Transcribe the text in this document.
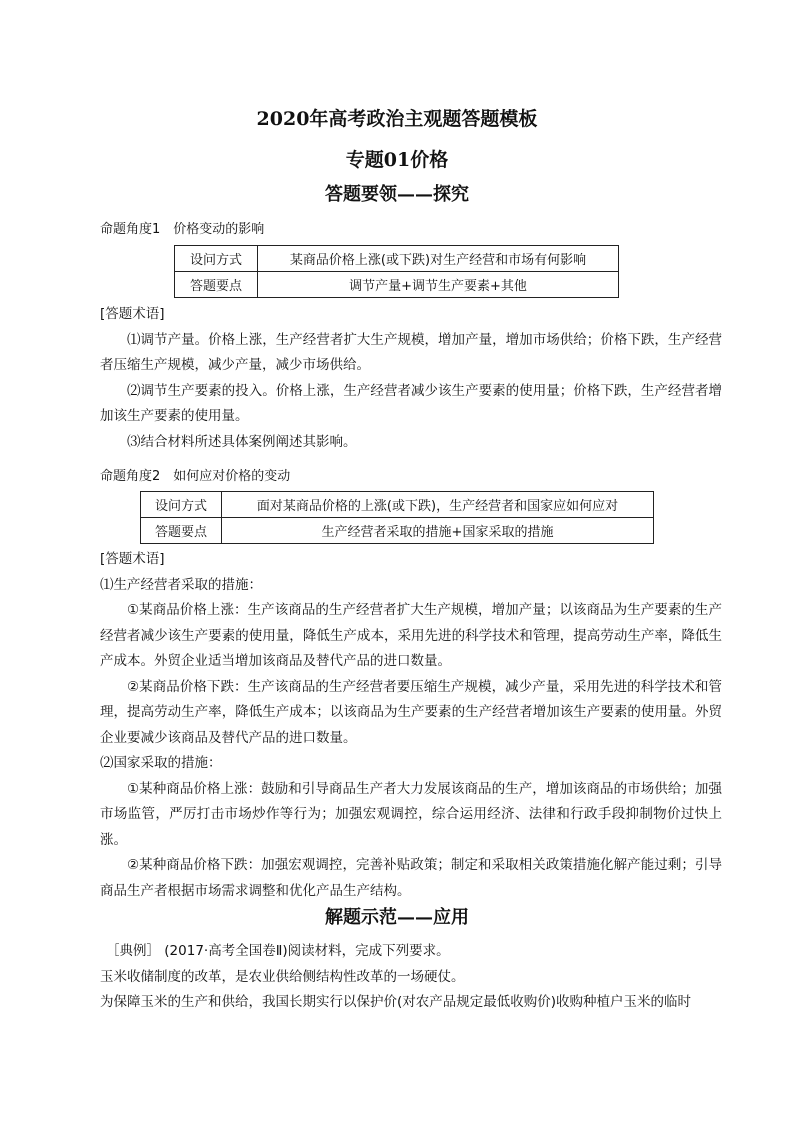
2020年高考政治主观题答题模板
专题01价格
答题要领——探究
命题角度1　价格变动的影响
设问方式	某商品价格上涨(或下跌)对生产经营和市场有何影响
答题要点	调节产量+调节生产要素+其他

[答题术语]

⑴调节产量。价格上涨，生产经营者扩大生产规模，增加产量，增加市场供给；价格下跌，生产经营者压缩生产规模，减少产量，减少市场供给。

⑵调节生产要素的投入。价格上涨，生产经营者减少该生产要素的使用量；价格下跌，生产经营者增加该生产要素的使用量。

⑶结合材料所述具体案例阐述其影响。

命题角度2　如何应对价格的变动
设问方式	面对某商品价格的上涨(或下跌)，生产经营者和国家应如何应对
答题要点	生产经营者采取的措施+国家采取的措施

[答题术语]

⑴生产经营者采取的措施：

①某商品价格上涨：生产该商品的生产经营者扩大生产规模，增加产量；以该商品为生产要素的生产经营者减少该生产要素的使用量，降低生产成本，采用先进的科学技术和管理，提高劳动生产率，降低生产成本。外贸企业适当增加该商品及替代产品的进口数量。

②某商品价格下跌：生产该商品的生产经营者要压缩生产规模，减少产量，采用先进的科学技术和管理，提高劳动生产率，降低生产成本；以该商品为生产要素的生产经营者增加该生产要素的使用量。外贸企业要减少该商品及替代产品的进口数量。

⑵国家采取的措施：

①某种商品价格上涨：鼓励和引导商品生产者大力发展该商品的生产，增加该商品的市场供给；加强市场监管，严厉打击市场炒作等行为；加强宏观调控，综合运用经济、法律和行政手段抑制物价过快上涨。

②某种商品价格下跌：加强宏观调控，完善补贴政策；制定和采取相关政策措施化解产能过剩；引导商品生产者根据市场需求调整和优化产品生产结构。

解题示范——应用

［典例］ (2017·高考全国卷Ⅱ)阅读材料，完成下列要求。

玉米收储制度的改革，是农业供给侧结构性改革的一场硬仗。

为保障玉米的生产和供给，我国长期实行以保护价(对农产品规定最低收购价)收购种植户玉米的临时
